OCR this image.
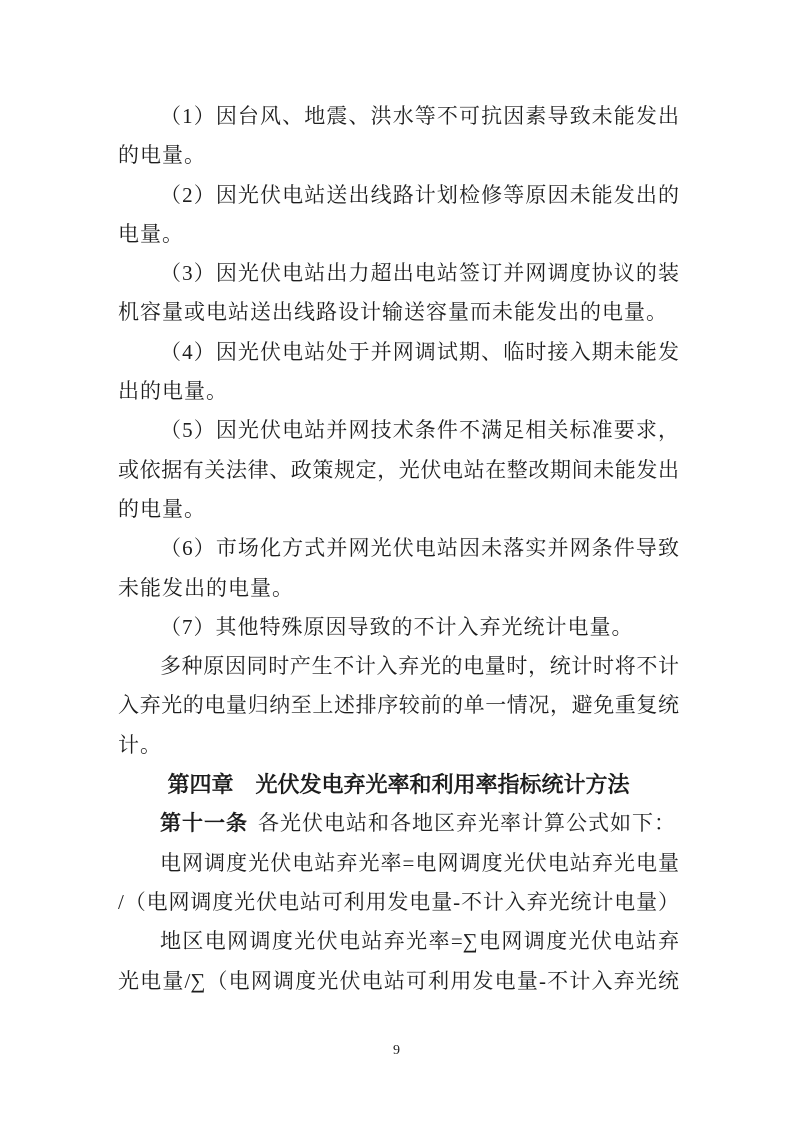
（1）因台风、地震、洪水等不可抗因素导致未能发出
的电量。
（2）因光伏电站送出线路计划检修等原因未能发出的
电量。
（3）因光伏电站出力超出电站签订并网调度协议的装
机容量或电站送出线路设计输送容量而未能发出的电量。
（4）因光伏电站处于并网调试期、临时接入期未能发
出的电量。
（5）因光伏电站并网技术条件不满足相关标准要求，
或依据有关法律、政策规定，光伏电站在整改期间未能发出
的电量。
（6）市场化方式并网光伏电站因未落实并网条件导致
未能发出的电量。
（7）其他特殊原因导致的不计入弃光统计电量。
多种原因同时产生不计入弃光的电量时，统计时将不计
入弃光的电量归纳至上述排序较前的单一情况，避免重复统
计。
第四章　光伏发电弃光率和利用率指标统计方法
第十一条 各光伏电站和各地区弃光率计算公式如下：
电网调度光伏电站弃光率=电网调度光伏电站弃光电量
/（电网调度光伏电站可利用发电量-不计入弃光统计电量）
地区电网调度光伏电站弃光率=∑电网调度光伏电站弃
光电量/∑（电网调度光伏电站可利用发电量-不计入弃光统
9
